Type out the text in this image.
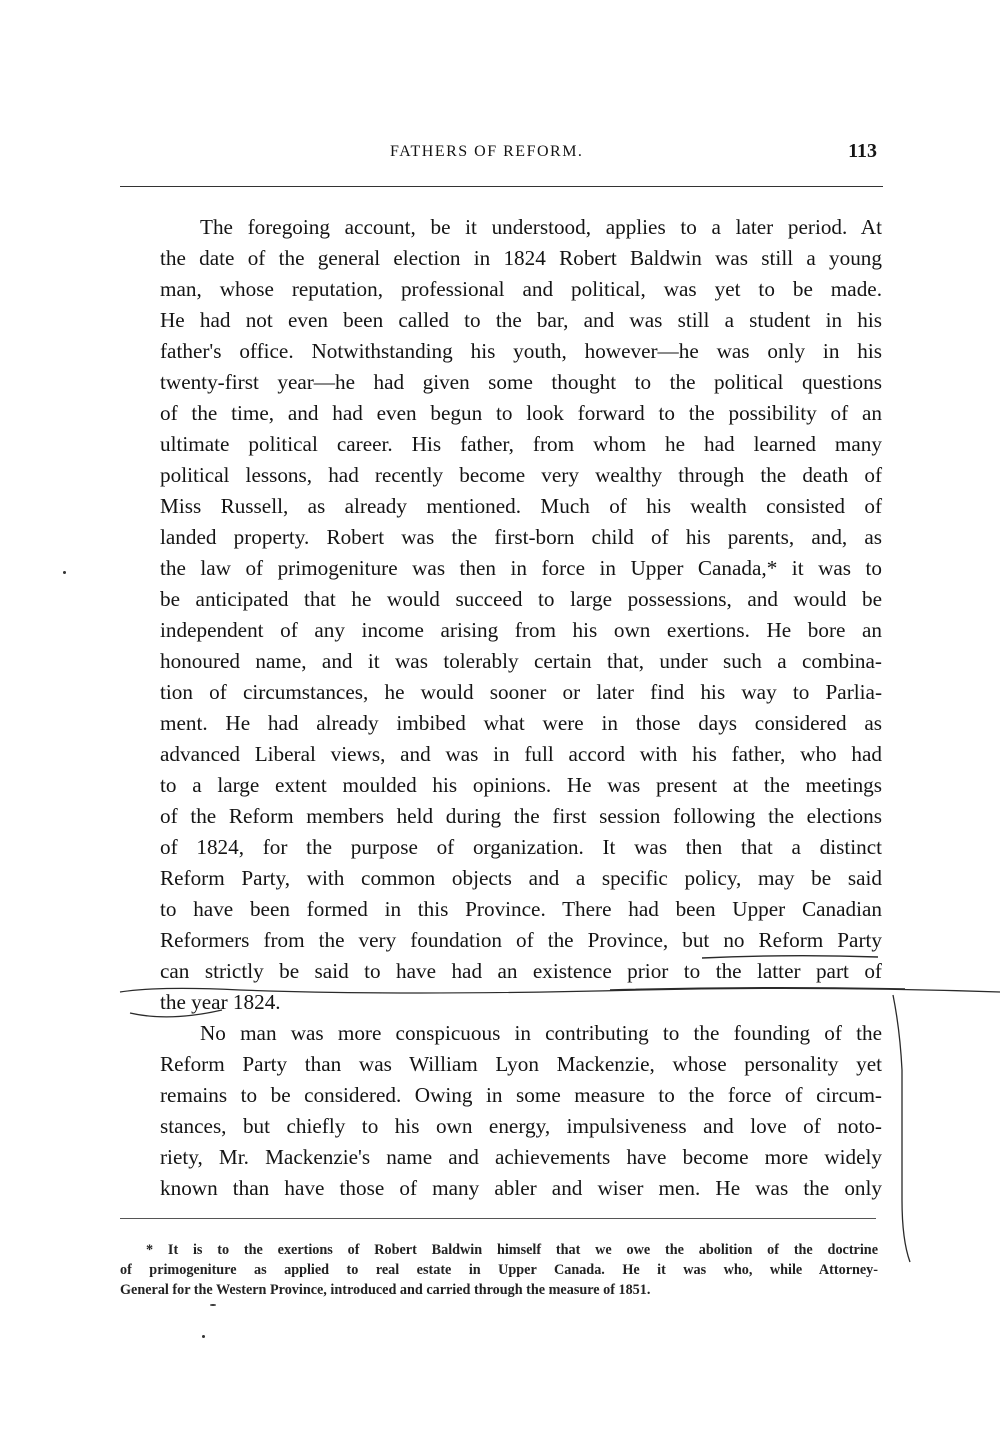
FATHERS OF REFORM.	113

The foregoing account, be it understood, applies to a later period. At
the date of the general election in 1824 Robert Baldwin was still a young
man, whose reputation, professional and political, was yet to be made.
He had not even been called to the bar, and was still a student in his
father's office. Notwithstanding his youth, however—he was only in his
twenty-first year—he had given some thought to the political questions
of the time, and had even begun to look forward to the possibility of an
ultimate political career. His father, from whom he had learned many
political lessons, had recently become very wealthy through the death of
Miss Russell, as already mentioned. Much of his wealth consisted of
landed property. Robert was the first-born child of his parents, and, as
the law of primogeniture was then in force in Upper Canada,* it was to
be anticipated that he would succeed to large possessions, and would be
independent of any income arising from his own exertions. He bore an
honoured name, and it was tolerably certain that, under such a combina-
tion of circumstances, he would sooner or later find his way to Parlia-
ment. He had already imbibed what were in those days considered as
advanced Liberal views, and was in full accord with his father, who had
to a large extent moulded his opinions. He was present at the meetings
of the Reform members held during the first session following the elections
of 1824, for the purpose of organization. It was then that a distinct
Reform Party, with common objects and a specific policy, may be said
to have been formed in this Province. There had been Upper Canadian
Reformers from the very foundation of the Province, but no Reform Party
can strictly be said to have had an existence prior to the latter part of
the year 1824.

No man was more conspicuous in contributing to the founding of the
Reform Party than was William Lyon Mackenzie, whose personality yet
remains to be considered. Owing in some measure to the force of circum-
stances, but chiefly to his own energy, impulsiveness and love of noto-
riety, Mr. Mackenzie's name and achievements have become more widely
known than have those of many abler and wiser men. He was the only

* It is to the exertions of Robert Baldwin himself that we owe the abolition of the doctrine
of primogeniture as applied to real estate in Upper Canada. He it was who, while Attorney-
General for the Western Province, introduced and carried through the measure of 1851.
